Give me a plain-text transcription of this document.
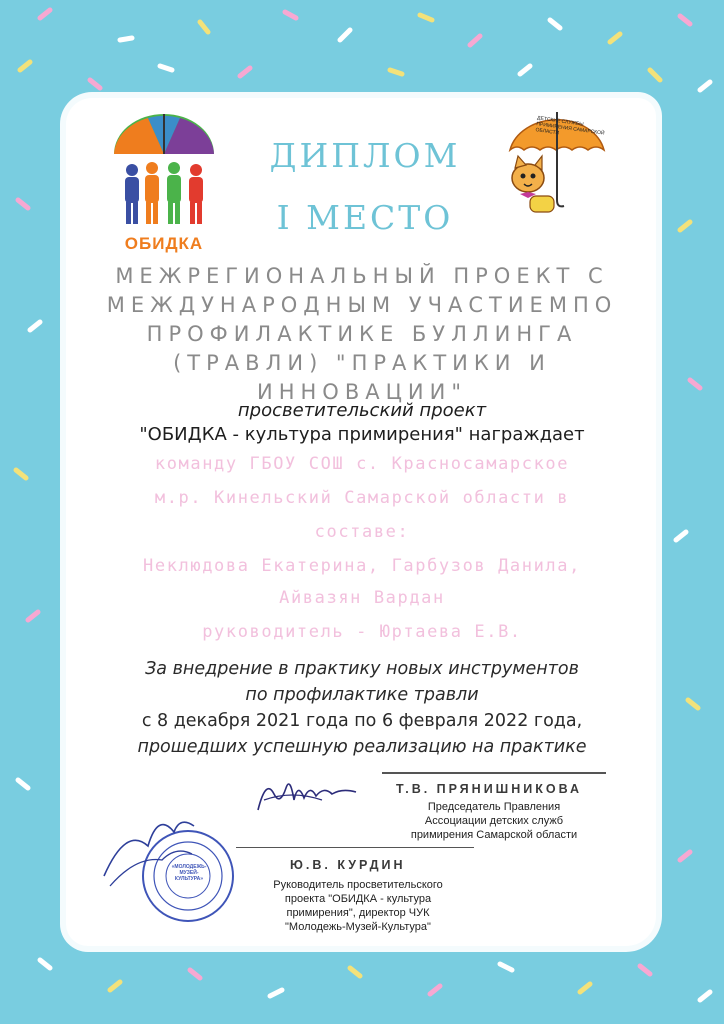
ОБИДКА
ДЕТСКИЕ СЛУЖБЫ ПРИМИРЕНИЯ САМАРСКОЙ ОБЛАСТИ
ДИПЛОМ
I МЕСТО
МЕЖРЕГИОНАЛЬНЫЙ ПРОЕКТ С
МЕЖДУНАРОДНЫМ УЧАСТИЕМПО
ПРОФИЛАКТИКЕ БУЛЛИНГА
(ТРАВЛИ) "ПРАКТИКИ И
ИННОВАЦИИ"
просветительский проект
"ОБИДКА - культура примирения" награждает
команду ГБОУ СОШ с. Красносамарское
м.р. Кинельский Самарской области в
составе:
Неклюдова Екатерина, Гарбузов Данила,
Айвазян Вардан
руководитель - Юртаева Е.В.
За внедрение в практику новых инструментов
по профилактике травли
с 8 декабря 2021 года по 6 февраля 2022 года,
прошедших успешную реализацию на практике
Т.В. ПРЯНИШНИКОВА
Председатель Правления
Ассоциации детских служб
примирения Самарской области
«МОЛОДЕЖЬ-МУЗЕЙ-КУЛЬТУРА»
Ю.В. КУРДИН
Руководитель просветительского
проекта "ОБИДКА - культура
примирения", директор ЧУК
"Молодежь-Музей-Культура"
